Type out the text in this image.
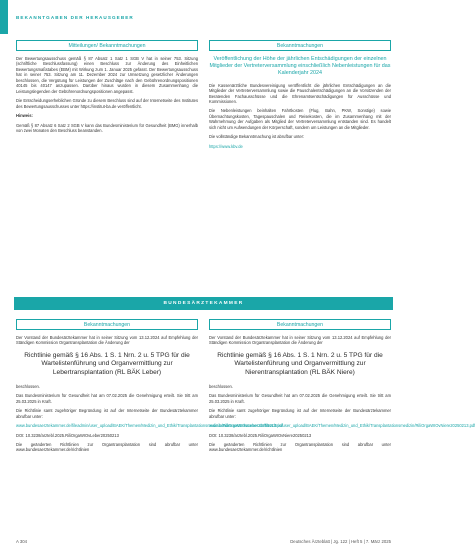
BEKANNTGABEN DER HERAUSGEBER
Mitteilungen/ Bekanntmachungen

Der Bewertungsausschuss gemäß § 87 Absatz 1 Satz 1 SGB V hat in seiner 753. Sitzung (schriftliche Beschlussfassung) einen Beschluss zur Änderung des Einheitlichen Bewertungsmaßstabes (EBM) mit Wirkung zum 1. Januar 2025 gefasst. Der Bewertungsausschuss hat in seiner 753. Sitzung am 11. Dezember 2024 zur Umsetzung gesetzlicher Änderungen beschlossen, die Vergütung für Leistungen der Zuschläge nach den Gebührenordnungspositionen 40145 bis 40147 anzupassen. Darüber hinaus wurden in diesem Zusammenhang die Leistungslegenden der Gebührenordnungspositionen angepasst.

Die Entscheidungserheblichen Gründe zu diesem Beschluss sind auf der Internetseite des Institutes des Bewertungsausschusses unter https://institut-ba.de veröffentlicht.

Hinweis:

Gemäß § 87 Absatz 6 Satz 2 SGB V kann das Bundesministerium für Gesundheit (BMG) innerhalb von zwei Monaten den Beschluss beanstanden.

Bekanntmachungen

Veröffentlichung der Höhe der jährlichen Entschädigungen der einzelnen Mitglieder der Vertreterversammlung einschließlich Nebenleistungen für das Kalenderjahr 2024

Die Kassenärztliche Bundesvereinigung veröffentlicht die jährlichen Entschädigungen an die Mitglieder der Vertreterversammlung sowie die Pauschalentschädigungen an die Vorsitzenden der Beratenden Fachausschüsse und die Ehrenamtsentschädigungen für Ausschüsse und Kommissionen.

Die Nebenleistungen beinhalten Fahrtkosten (Flug, Bahn, PKW, Sonstige) sowie Übernachtungskosten, Tagespauschalen und Reisekosten, die im Zusammenhang mit der Wahrnehmung der Aufgaben als Mitglied der Vertreterversammlung entstanden sind. Es handelt sich nicht um Aufwendungen der Körperschaft, sondern um Leistungen an die Mitglieder.

Die vollständige Bekanntmachung ist abrufbar unter:

https://www.kbv.de

BUNDESÄRZTEKAMMER
Bekanntmachungen

Der Vorstand der Bundesärztekammer hat in seiner Sitzung vom 13.12.2024 auf Empfehlung der Ständigen Kommission Organtransplantation die Änderung der

Richtlinie gemäß § 16 Abs. 1 S. 1 Nrn. 2 u. 5 TPG für die Wartelistenführung und Organvermittlung zur Lebertransplantation (RL BÄK Leber)

beschlossen.

Das Bundesministerium für Gesundheit hat am 07.02.2025 die Genehmigung erteilt. Sie tritt am 25.03.2025 in Kraft.

Die Richtlinie samt zugehöriger Begründung ist auf der Internetseite der Bundesärztekammer abrufbar unter:

www.bundesaerztekammer.de/fileadmin/user_upload/BAEK/Themen/Medizin_und_Ethik/Transplantationsmedizin/RiliOrgaWIOvLeber20250213.pdf

DOI: 10.3238/arztebl.2025.RiliOrgaWIOvLeber20250213

Die geänderten Richtlinien zur Organtransplantation sind abrufbar unter www.bundesaerztekammer.de/richtlinien

Bekanntmachungen

Der Vorstand der Bundesärztekammer hat in seiner Sitzung vom 13.12.2024 auf Empfehlung der Ständigen Kommission Organtransplantation die Änderung der

Richtlinie gemäß § 16 Abs. 1 S. 1 Nrn. 2 u. 5 TPG für die Wartelistenführung und Organvermittlung zur Nierentransplantation (RL BÄK Niere)

beschlossen.

Das Bundesministerium für Gesundheit hat am 07.02.2025 die Genehmigung erteilt. Sie tritt am 25.03.2025 in Kraft.

Die Richtlinie samt zugehöriger Begründung ist auf der Internetseite der Bundesärztekammer abrufbar unter:

www.bundesaerztekammer.de/fileadmin/user_upload/BAEK/Themen/Medizin_und_Ethik/Transplantationsmedizin/RiliOrgaWIOvNiere20250213.pdf

DOI: 10.3238/arztebl.2025.RiliOrgaWIOvNiere20250213

Die geänderten Richtlinien zur Organtransplantation sind abrufbar unter www.bundesaerztekammer.de/richtlinien

A 304	Deutsches Ärzteblatt | Jg. 122 | Heft 5 | 7. März 2025
